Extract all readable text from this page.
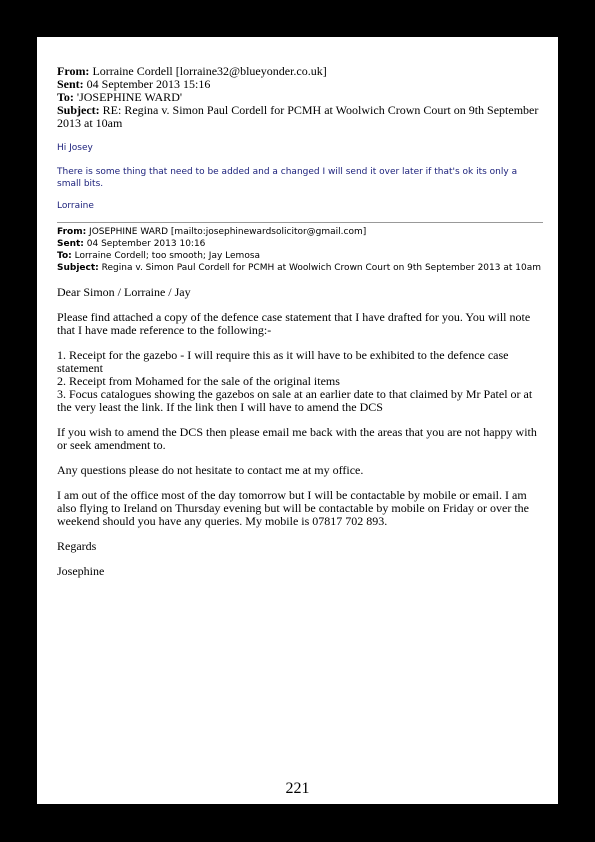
From: Lorraine Cordell [lorraine32@blueyonder.co.uk]
Sent: 04 September 2013 15:16
To: 'JOSEPHINE WARD'
Subject: RE: Regina v. Simon Paul Cordell for PCMH at Woolwich Crown Court on 9th September 2013 at 10am
Hi Josey
There is some thing that need to be added and a changed I will send it over later if that's ok its only a small bits.
Lorraine
From: JOSEPHINE WARD [mailto:josephinewardsolicitor@gmail.com]
Sent: 04 September 2013 10:16
To: Lorraine Cordell; too smooth; Jay Lemosa
Subject: Regina v. Simon Paul Cordell for PCMH at Woolwich Crown Court on 9th September 2013 at 10am

Dear Simon / Lorraine / Jay

Please find attached a copy of the defence case statement that I have drafted for you. You will note that I have made reference to the following:-

1. Receipt for the gazebo - I will require this as it will have to be exhibited to the defence case statement

2. Receipt from Mohamed for the sale of the original items

3. Focus catalogues showing the gazebos on sale at an earlier date to that claimed by Mr Patel or at the very least the link. If the link then I will have to amend the DCS

If you wish to amend the DCS then please email me back with the areas that you are not happy with or seek amendment to.

Any questions please do not hesitate to contact me at my office.

I am out of the office most of the day tomorrow but I will be contactable by mobile or email. I am also flying to Ireland on Thursday evening but will be contactable by mobile on Friday or over the weekend should you have any queries. My mobile is 07817 702 893.

Regards

Josephine

221
